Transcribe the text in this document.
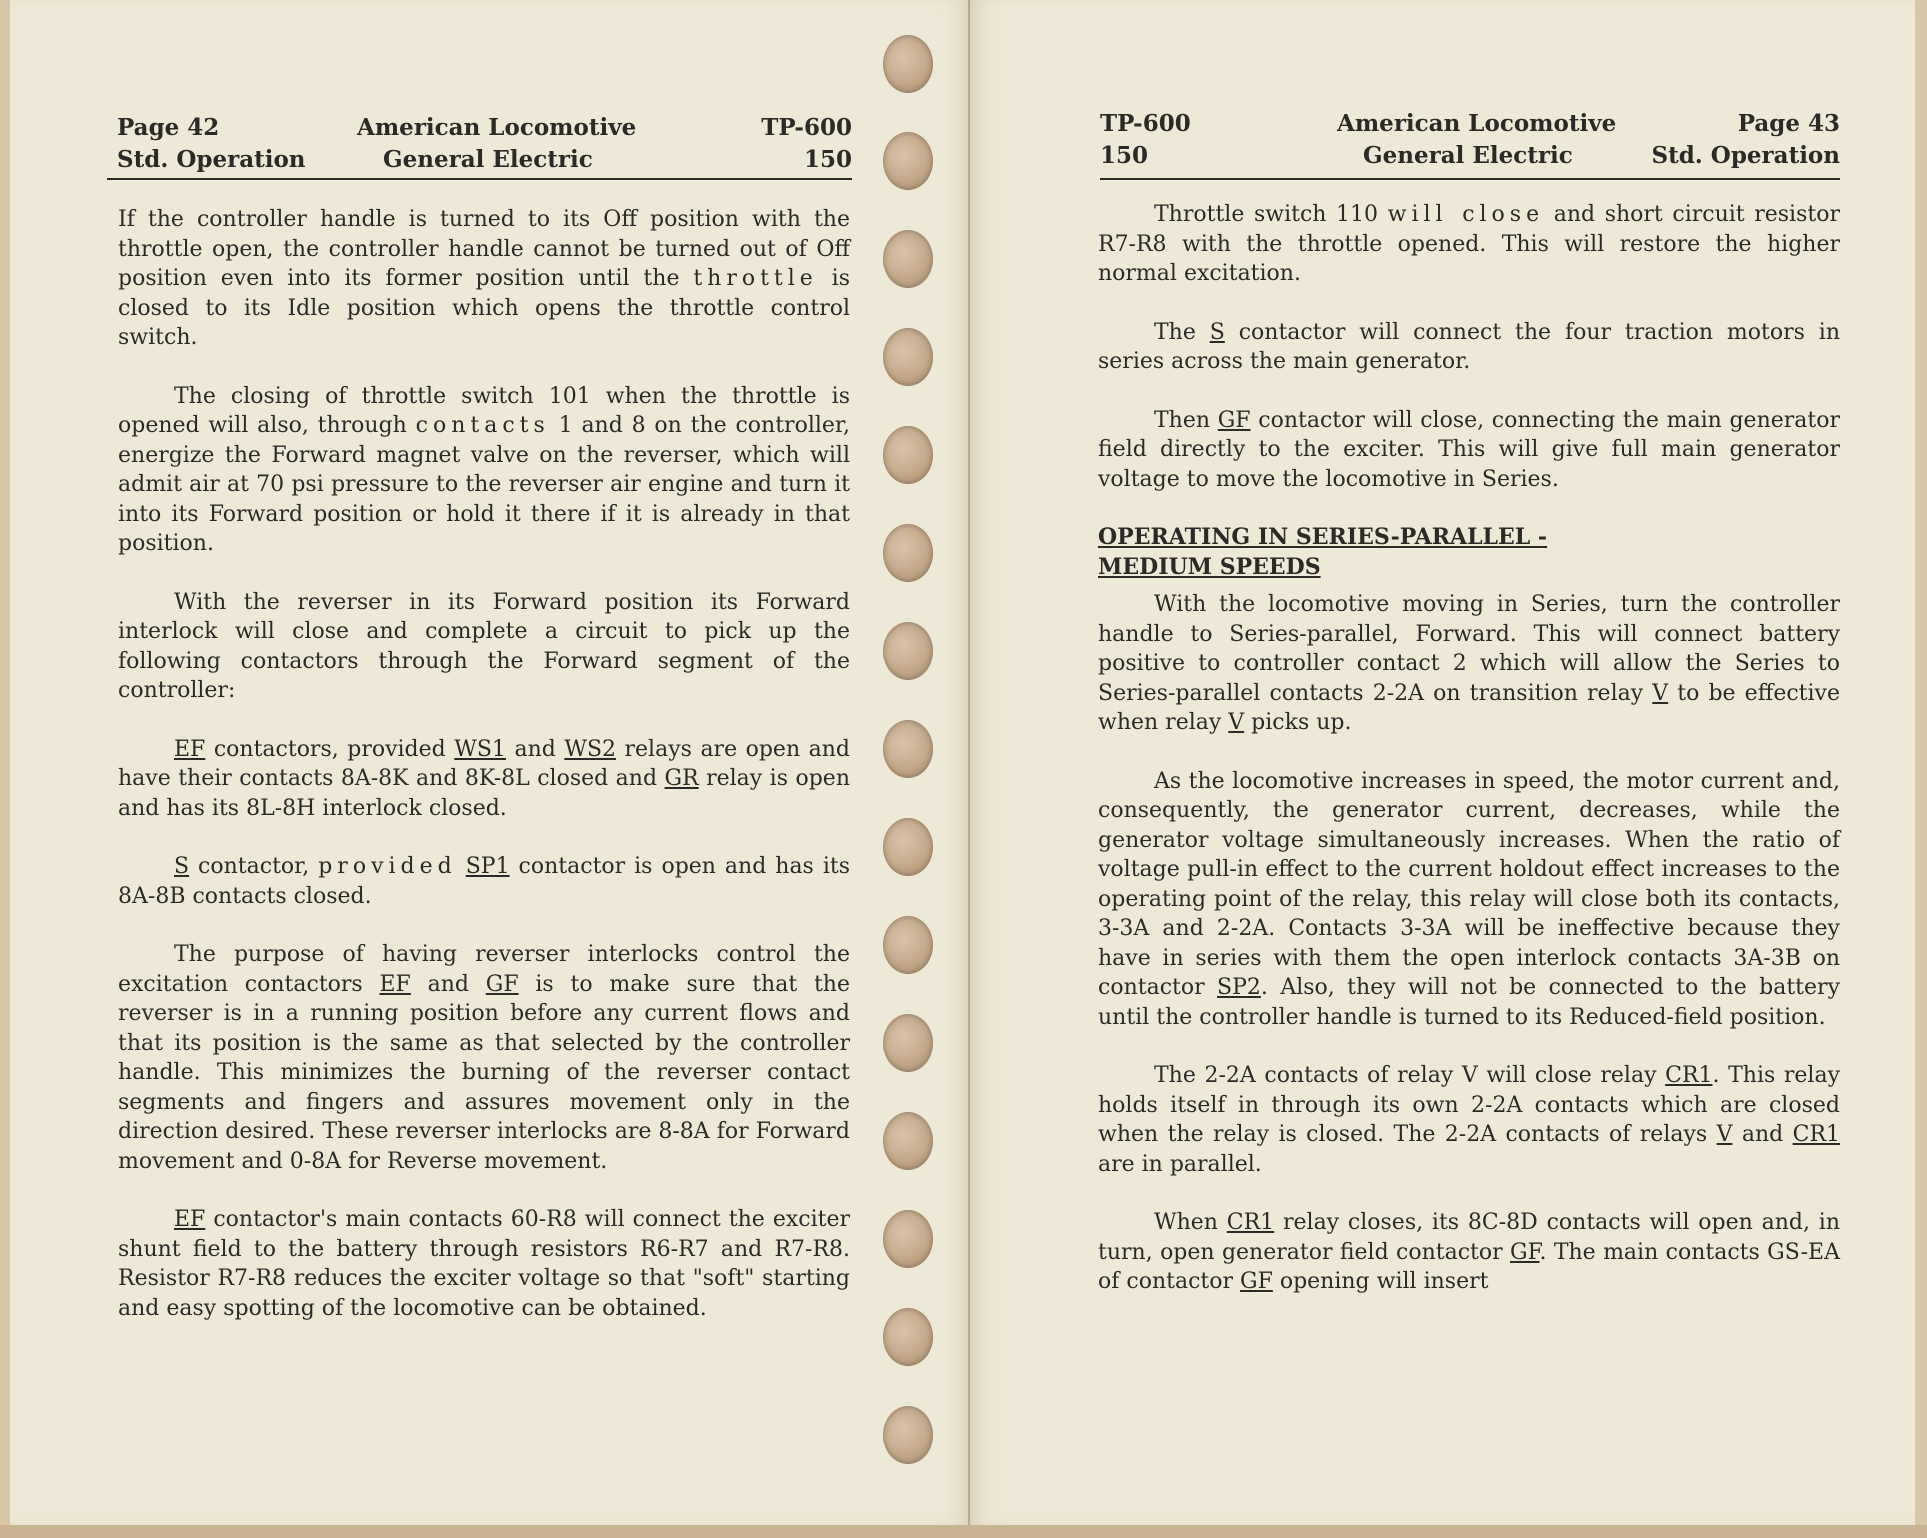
Page 42
Std. Operation
American Locomotive
General Electric
TP-600
150

If the controller handle is turned to its Off position with the throttle open, the controller handle cannot be turned out of Off position even into its former position until the throttle is closed to its Idle position which opens the throttle control switch.

The closing of throttle switch 101 when the throttle is opened will also, through contacts 1 and 8 on the controller, energize the Forward magnet valve on the reverser, which will admit air at 70 psi pressure to the reverser air engine and turn it into its Forward position or hold it there if it is already in that position.

With the reverser in its Forward position its Forward interlock will close and complete a circuit to pick up the following contactors through the Forward segment of the controller:

EF contactors, provided WS1 and WS2 relays are open and have their contacts 8A-8K and 8K-8L closed and GR relay is open and has its 8L-8H interlock closed.

S contactor, provided SP1 contactor is open and has its 8A-8B contacts closed.

The purpose of having reverser interlocks control the excitation contactors EF and GF is to make sure that the reverser is in a running position before any current flows and that its position is the same as that selected by the controller handle. This minimizes the burning of the reverser contact segments and fingers and assures movement only in the direction desired. These reverser interlocks are 8-8A for Forward movement and 0-8A for Reverse movement.

EF contactor's main contacts 60-R8 will connect the exciter shunt field to the battery through resistors R6-R7 and R7-R8. Resistor R7-R8 reduces the exciter voltage so that "soft" starting and easy spotting of the locomotive can be obtained.

TP-600
150
American Locomotive
General Electric
Page 43
Std. Operation

Throttle switch 110 will close and short circuit resistor R7-R8 with the throttle opened. This will restore the higher normal excitation.

The S contactor will connect the four traction motors in series across the main generator.

Then GF contactor will close, connecting the main generator field directly to the exciter. This will give full main generator voltage to move the locomotive in Series.

OPERATING IN SERIES-PARALLEL -
MEDIUM SPEEDS

With the locomotive moving in Series, turn the controller handle to Series-parallel, Forward. This will connect battery positive to controller contact 2 which will allow the Series to Series-parallel contacts 2-2A on transition relay V to be effective when relay V picks up.

As the locomotive increases in speed, the motor current and, consequently, the generator current, decreases, while the generator voltage simultaneously increases. When the ratio of voltage pull-in effect to the current holdout effect increases to the operating point of the relay, this relay will close both its contacts, 3-3A and 2-2A. Contacts 3-3A will be ineffective because they have in series with them the open interlock contacts 3A-3B on contactor SP2. Also, they will not be connected to the battery until the controller handle is turned to its Reduced-field position.

The 2-2A contacts of relay V will close relay CR1. This relay holds itself in through its own 2-2A contacts which are closed when the relay is closed. The 2-2A contacts of relays V and CR1 are in parallel.

When CR1 relay closes, its 8C-8D contacts will open and, in turn, open generator field contactor GF. The main contacts GS-EA of contactor GF opening will insert
